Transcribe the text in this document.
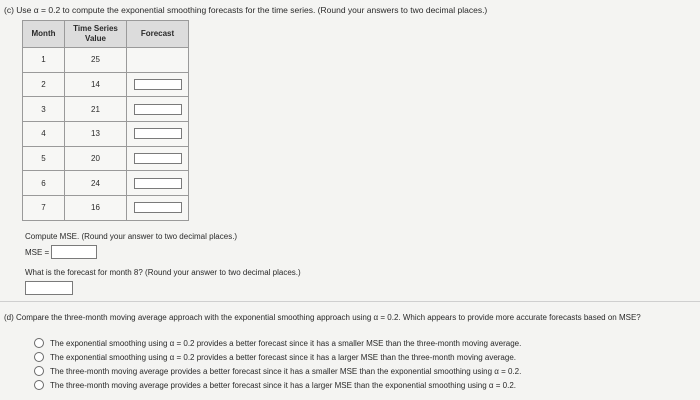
(c) Use α = 0.2 to compute the exponential smoothing forecasts for the time series. (Round your answers to two decimal places.)
Month	Time Series Value	Forecast
1	25	
2	14	

3	21	

4	13	

5	20	

6	24	

7	16	
Compute MSE. (Round your answer to two decimal places.)
MSE =
What is the forecast for month 8? (Round your answer to two decimal places.)
(d) Compare the three-month moving average approach with the exponential smoothing approach using α = 0.2. Which appears to provide more accurate forecasts based on MSE?
The exponential smoothing using α = 0.2 provides a better forecast since it has a smaller MSE than the three-month moving average.
The exponential smoothing using α = 0.2 provides a better forecast since it has a larger MSE than the three-month moving average.
The three-month moving average provides a better forecast since it has a smaller MSE than the exponential smoothing using α = 0.2.
The three-month moving average provides a better forecast since it has a larger MSE than the exponential smoothing using α = 0.2.
